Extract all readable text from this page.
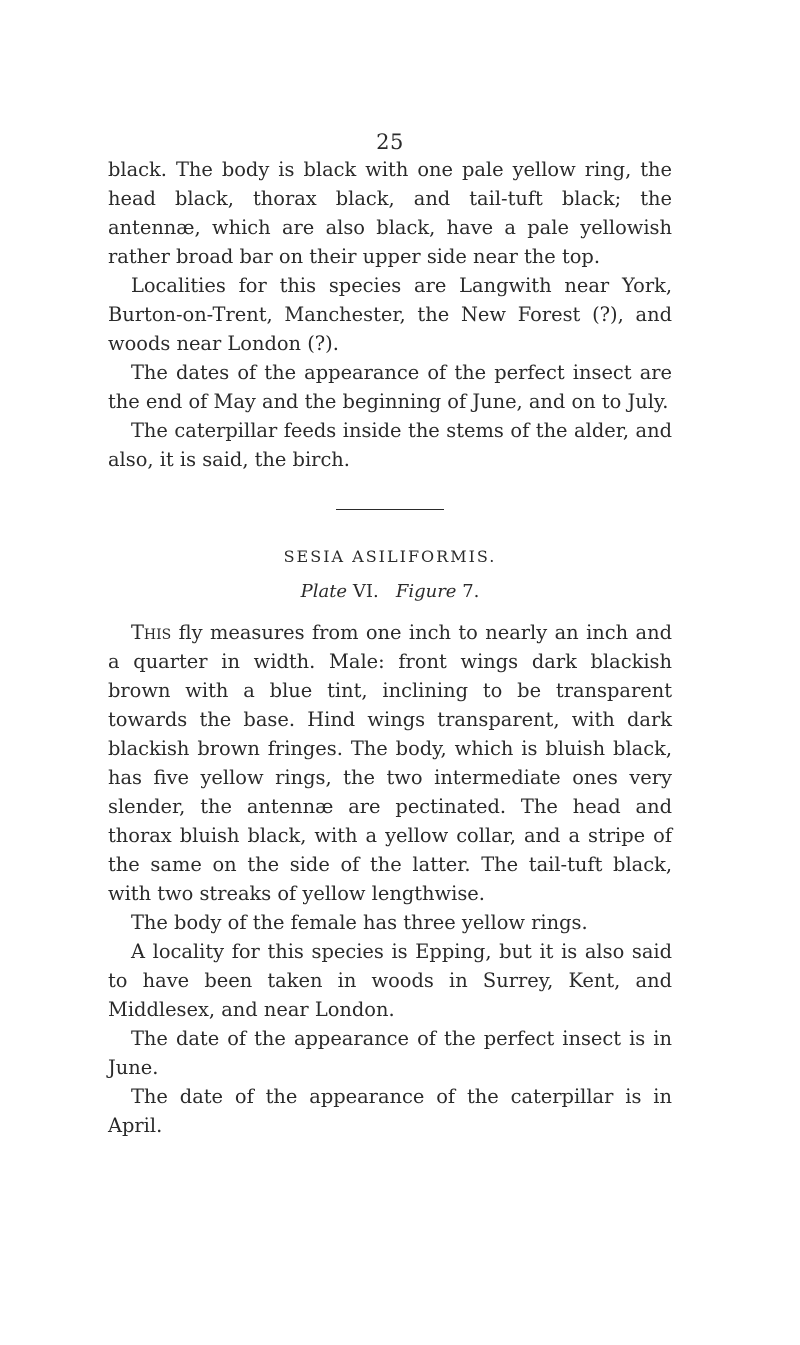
25

black. The body is black with one pale yellow ring, the head black, thorax black, and tail-tuft black; the antennæ, which are also black, have a pale yellowish rather broad bar on their upper side near the top.

Localities for this species are Langwith near York, Burton-on-Trent, Manchester, the New Forest (?), and woods near London (?).

The dates of the appearance of the perfect insect are the end of May and the beginning of June, and on to July.

The caterpillar feeds inside the stems of the alder, and also, it is said, the birch.

SESIA ASILIFORMIS.
Plate VI. Figure 7.

This fly measures from one inch to nearly an inch and a quarter in width. Male: front wings dark blackish brown with a blue tint, inclining to be transparent towards the base. Hind wings transparent, with dark blackish brown fringes. The body, which is bluish black, has five yellow rings, the two intermediate ones very slender, the antennæ are pectinated. The head and thorax bluish black, with a yellow collar, and a stripe of the same on the side of the latter. The tail-tuft black, with two streaks of yellow lengthwise.

The body of the female has three yellow rings.

A locality for this species is Epping, but it is also said to have been taken in woods in Surrey, Kent, and Middlesex, and near London.

The date of the appearance of the perfect insect is in June.

The date of the appearance of the caterpillar is in April.
